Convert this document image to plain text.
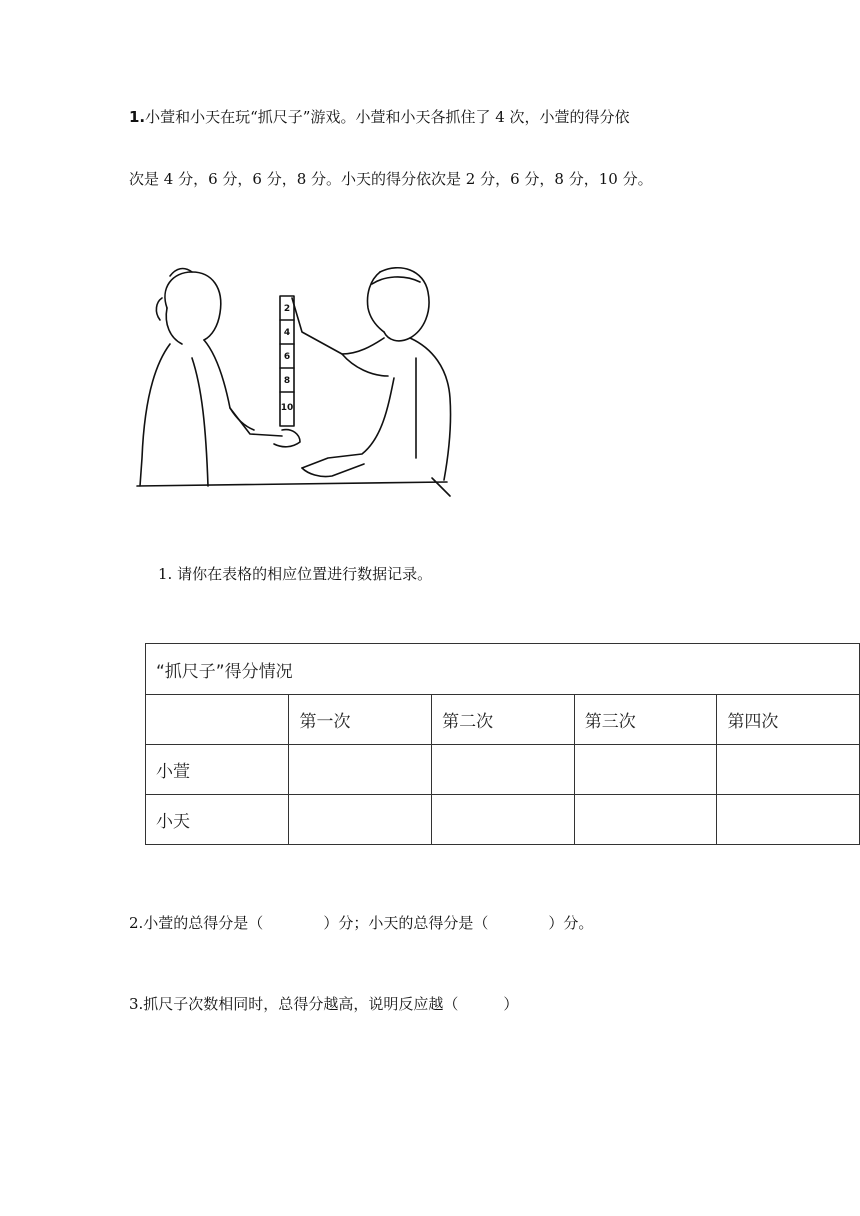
1.小萱和小天在玩“抓尺子”游戏。小萱和小天各抓住了 4 次，小萱的得分依
次是 4 分，6 分，6 分，8 分。小天的得分依次是 2 分，6 分，8 分，10 分。
2
4
6
8
10
1. 请你在表格的相应位置进行数据记录。
“抓尺子”得分情况				
	第一次	第二次	第三次	第四次
小萱				
小天				
2.小萱的总得分是（　　　　）分；小天的总得分是（　　　　）分。
3.抓尺子次数相同时，总得分越高，说明反应越（　　　）
